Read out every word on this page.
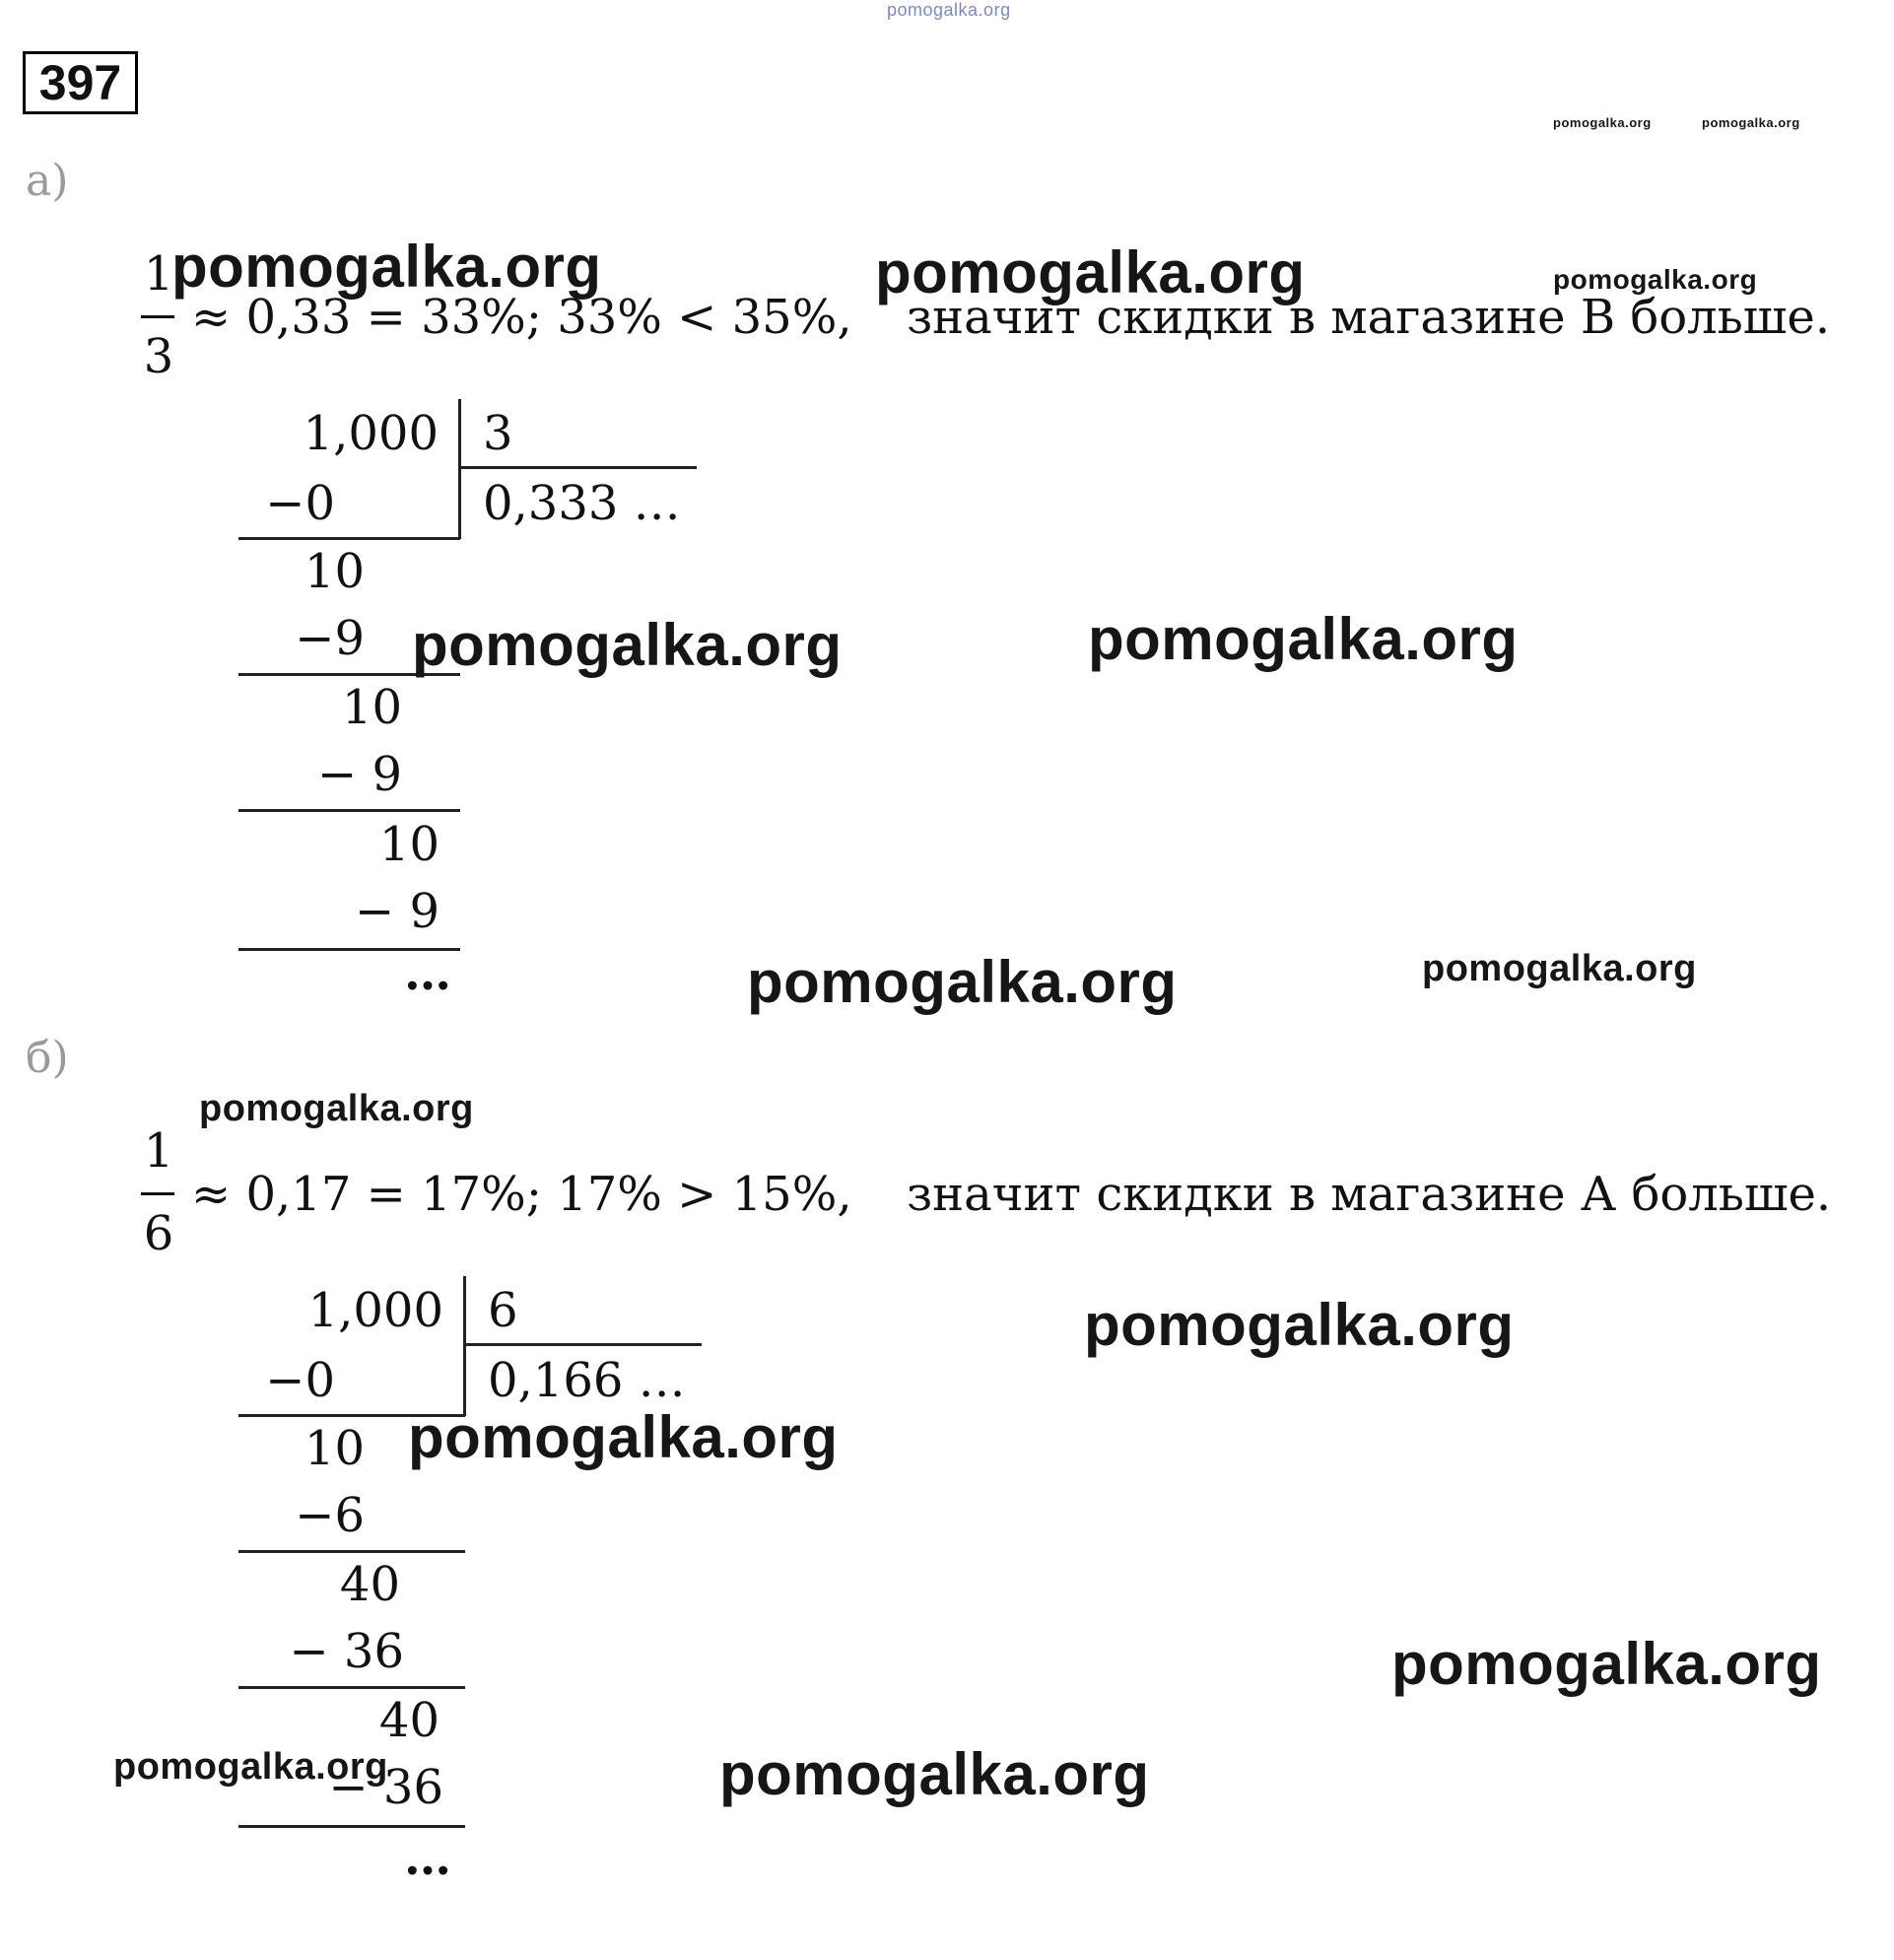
pomogalka.org
397
pomogalka.org	pomogalka.org
а)
pomogalka.org	pomogalka.org	pomogalka.org
1
3
≈ 0,33 = 33%; 33% < 35%, значит скидки в магазине В больше.
1,000 3
0,333 …
−0
10
−9
10
− 9
10
− 9
…
pomogalka.org	pomogalka.org
pomogalka.org	pomogalka.org
б)
pomogalka.org
1
6
≈ 0,17 = 17%; 17% > 15%, значит скидки в магазине А больше.
1,000 6
0,166 …
−0
10
−6
40
− 36
40
− 36
…
pomogalka.org
pomogalka.org
pomogalka.org
pomogalka.org	pomogalka.org
